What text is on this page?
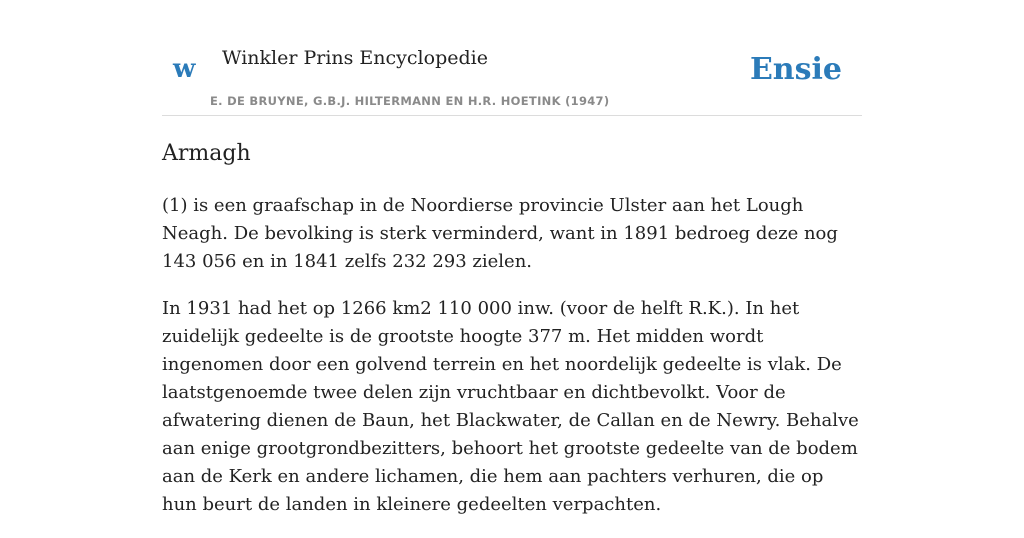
w Winkler Prins Encyclopedie
E. DE BRUYNE, G.B.J. HILTERMANN EN H.R. HOETINK (1947)
Ensie
Armagh

(1) is een graafschap in de Noordierse provincie Ulster aan het Lough Neagh. De bevolking is sterk verminderd, want in 1891 bedroeg deze nog 143 056 en in 1841 zelfs 232 293 zielen.

In 1931 had het op 1266 km2 110 000 inw. (voor de helft R.K.). In het zuidelijk gedeelte is de grootste hoogte 377 m. Het midden wordt ingenomen door een golvend terrein en het noordelijk gedeelte is vlak. De laatstgenoemde twee delen zijn vruchtbaar en dichtbevolkt. Voor de afwatering dienen de Baun, het Blackwater, de Callan en de Newry. Behalve aan enige grootgrondbezitters, behoort het grootste gedeelte van de bodem aan de Kerk en andere lichamen, die hem aan pachters verhuren, die op hun beurt de landen in kleinere gedeelten verpachten.
